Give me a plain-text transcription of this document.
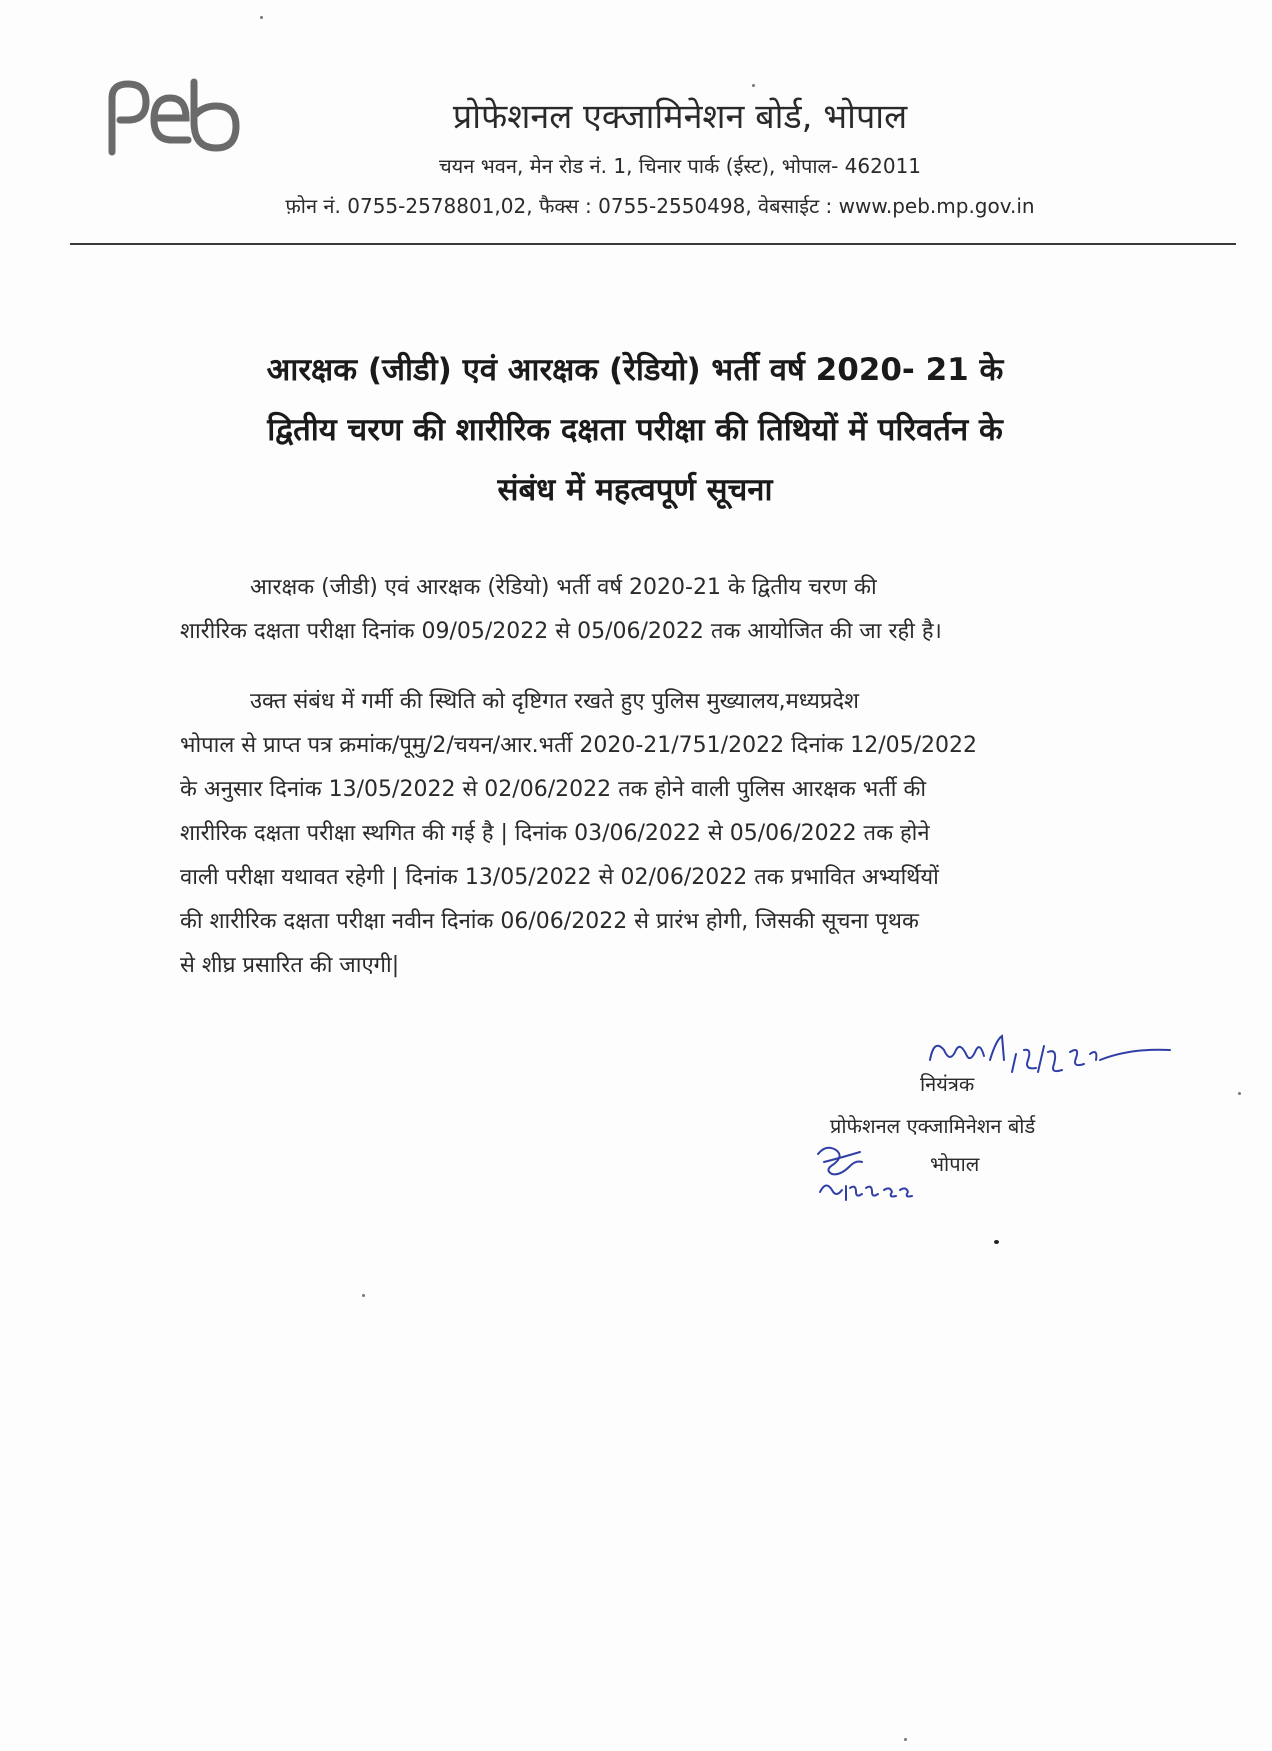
प्रोफेशनल एक्जामिनेशन बोर्ड, भोपाल
चयन भवन, मेन रोड नं. 1, चिनार पार्क (ईस्ट), भोपाल- 462011
फ़ोन नं. 0755-2578801,02, फैक्स : 0755-2550498, वेबसाईट : www.peb.mp.gov.in
आरक्षक (जीडी) एवं आरक्षक (रेडियो) भर्ती वर्ष 2020- 21 के
द्वितीय चरण की शारीरिक दक्षता परीक्षा की तिथियों में परिवर्तन के
संबंध में महत्वपूर्ण सूचना
आरक्षक (जीडी) एवं आरक्षक (रेडियो) भर्ती वर्ष 2020-21 के द्वितीय चरण की
शारीरिक दक्षता परीक्षा दिनांक 09/05/2022 से 05/06/2022 तक आयोजित की जा रही है।
उक्त संबंध में गर्मी की स्थिति को दृष्टिगत रखते हुए पुलिस मुख्यालय,मध्यप्रदेश
भोपाल से प्राप्त पत्र क्रमांक/पूमु/2/चयन/आर.भर्ती 2020-21/751/2022 दिनांक 12/05/2022
के अनुसार दिनांक 13/05/2022 से 02/06/2022 तक होने वाली पुलिस आरक्षक भर्ती की
शारीरिक दक्षता परीक्षा स्थगित की गई है | दिनांक 03/06/2022 से 05/06/2022 तक होने
वाली परीक्षा यथावत रहेगी | दिनांक 13/05/2022 से 02/06/2022 तक प्रभावित अभ्यर्थियों
की शारीरिक दक्षता परीक्षा नवीन दिनांक 06/06/2022 से प्रारंभ होगी, जिसकी सूचना पृथक
से शीघ्र प्रसारित की जाएगी|
नियंत्रक
प्रोफेशनल एक्जामिनेशन बोर्ड
भोपाल
